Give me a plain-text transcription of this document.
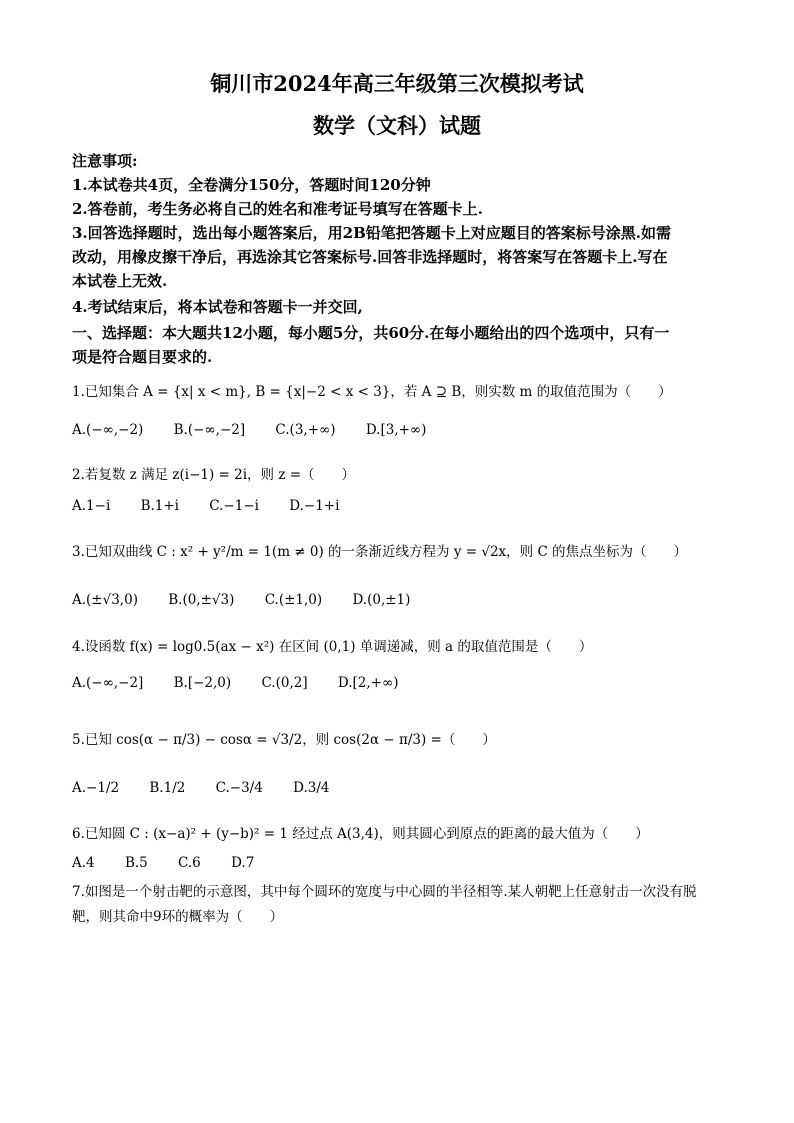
铜川市2024年高三年级第三次模拟考试
数学（文科）试题
注意事项:
1.本试卷共4页，全卷满分150分，答题时间120分钟
2.答卷前，考生务必将自己的姓名和准考证号填写在答题卡上.
3.回答选择题时，选出每小题答案后，用2B铅笔把答题卡上对应题目的答案标号涂黑.如需
改动，用橡皮擦干净后，再选涂其它答案标号.回答非选择题时，将答案写在答题卡上.写在
本试卷上无效.
4.考试结束后，将本试卷和答题卡一并交回,
一、选择题：本大题共12小题，每小题5分，共60分.在每小题给出的四个选项中，只有一
项是符合题目要求的.
1.已知集合 A = {x| x < m}, B = {x|−2 < x < 3}，若 A ⊇ B，则实数 m 的取值范围为（　　）
A.(−∞,−2) B.(−∞,−2] C.(3,+∞) D.[3,+∞)
2.若复数 z 满足 z(i−1) = 2i，则 z =（　　）
A.1−i B.1+i C.−1−i D.−1+i
3.已知双曲线 C : x² + y²/m = 1(m ≠ 0) 的一条渐近线方程为 y = √2x，则 C 的焦点坐标为（　　）
A.(±√3,0) B.(0,±√3) C.(±1,0) D.(0,±1)
4.设函数 f(x) = log0.5(ax − x²) 在区间 (0,1) 单调递减，则 a 的取值范围是（　　）
A.(−∞,−2] B.[−2,0) C.(0,2] D.[2,+∞)
5.已知 cos(α − π/3) − cosα = √3/2，则 cos(2α − π/3) =（　　）
A.−1/2 B.1/2 C.−3/4 D.3/4
6.已知圆 C : (x−a)² + (y−b)² = 1 经过点 A(3,4)，则其圆心到原点的距离的最大值为（　　）
A.4 B.5 C.6 D.7
7.如图是一个射击靶的示意图，其中每个圆环的宽度与中心圆的半径相等.某人朝靶上任意射击一次没有脱
靶，则其命中9环的概率为（　　）
